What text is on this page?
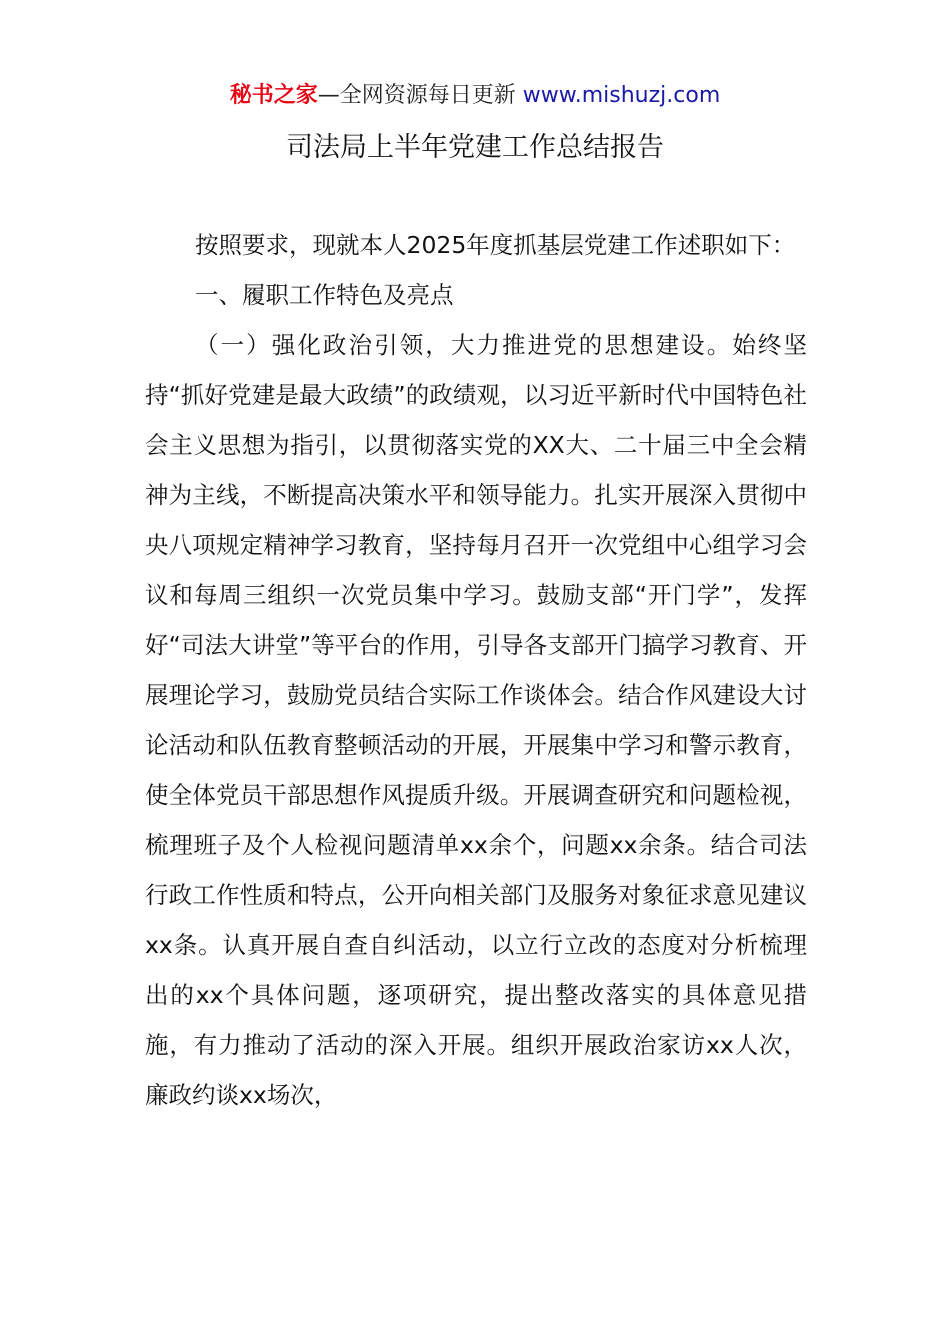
秘书之家—全网资源每日更新 www.mishuzj.com
司法局上半年党建工作总结报告

按照要求，现就本人2025年度抓基层党建工作述职如下：

一、履职工作特色及亮点

（一）强化政治引领，大力推进党的思想建设。始终坚持“抓好党建是最大政绩”的政绩观，以习近平新时代中国特色社会主义思想为指引，以贯彻落实党的XX大、二十届三中全会精神为主线，不断提高决策水平和领导能力。扎实开展深入贯彻中央八项规定精神学习教育，坚持每月召开一次党组中心组学习会议和每周三组织一次党员集中学习。鼓励支部“开门学”，发挥好“司法大讲堂”等平台的作用，引导各支部开门搞学习教育、开展理论学习，鼓励党员结合实际工作谈体会。结合作风建设大讨论活动和队伍教育整顿活动的开展，开展集中学习和警示教育，使全体党员干部思想作风提质升级。开展调查研究和问题检视，梳理班子及个人检视问题清单xx余个，问题xx余条。结合司法行政工作性质和特点，公开向相关部门及服务对象征求意见建议xx条。认真开展自查自纠活动，以立行立改的态度对分析梳理出的xx个具体问题，逐项研究，提出整改落实的具体意见措施，有力推动了活动的深入开展。组织开展政治家访xx人次，廉政约谈xx场次，
